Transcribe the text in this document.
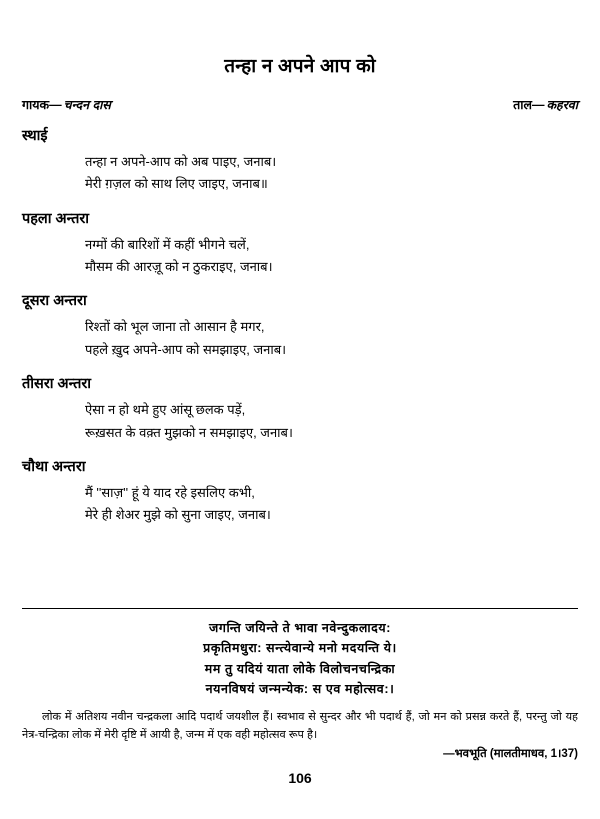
तन्हा न अपने आप को
गायक— चन्दन दास	ताल— कहरवा
स्थाई
तन्हा न अपने-आप को अब पाइए, जनाब।
मेरी ग़ज़ल को साथ लिए जाइए, जनाब॥
पहला अन्तरा
नग्मों की बारिशों में कहीं भीगने चलें,
मौसम की आरज़ू को न ठुकराइए, जनाब।
दूसरा अन्तरा
रिश्तों को भूल जाना तो आसान है मगर,
पहले ख़ुद अपने-आप को समझाइए, जनाब।
तीसरा अन्तरा
ऐसा न हो थमे हुए आंसू छलक पड़ें,
रूख़सत के वक़्त मुझको न समझाइए, जनाब।
चौथा अन्तरा
मैं ''साज़'' हूं ये याद रहे इसलिए कभी,
मेरे ही शेअर मुझे को सुना जाइए, जनाब।
जगन्ति जयिन्ते ते भावा नवेन्दुकलादय:
प्रकृतिमधुरा: सन्त्येवान्ये मनो मदयन्ति ये।
मम तु यदियं याता लोके विलोचनचन्द्रिका
नयनविषयं जन्मन्येक: स एव महोत्सव:।
लोक में अतिशय नवीन चन्द्रकला आदि पदार्थ जयशील हैं। स्वभाव से सुन्दर और भी पदार्थ हैं, जो मन को प्रसन्न करते हैं, परन्तु जो यह नेत्र-चन्द्रिका लोक में मेरी दृष्टि में आयी है, जन्म में एक वही महोत्सव रूप है।
—भवभूति (मालतीमाधव, 1।37)
106
